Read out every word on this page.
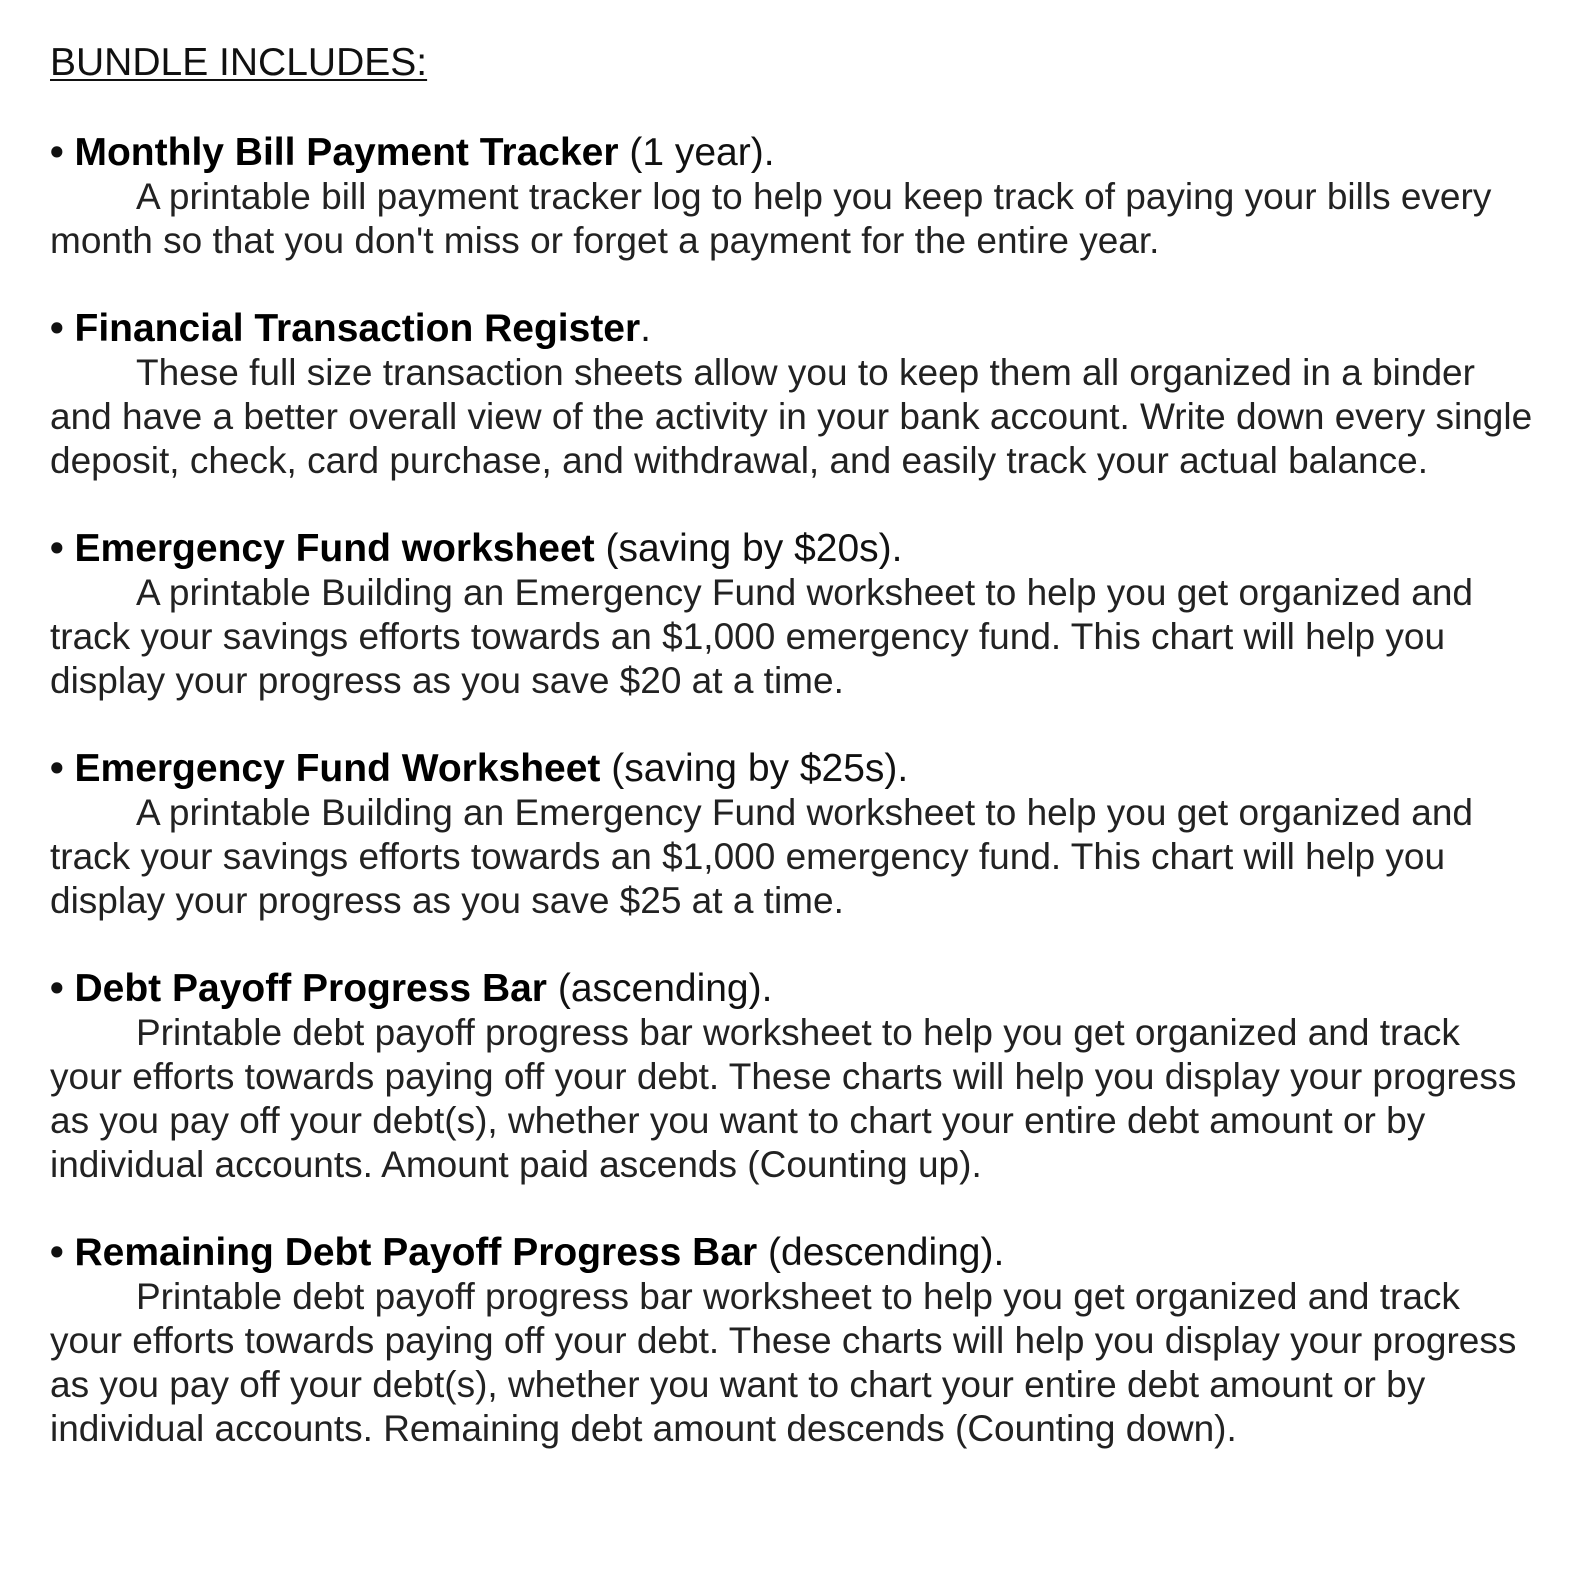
BUNDLE INCLUDES:
• Monthly Bill Payment Tracker (1 year).
A printable bill payment tracker log to help you keep track of paying your bills every month so that you don't miss or forget a payment for the entire year.
• Financial Transaction Register.
These full size transaction sheets allow you to keep them all organized in a binder and have a better overall view of the activity in your bank account. Write down every single deposit, check, card purchase, and withdrawal, and easily track your actual balance.
• Emergency Fund worksheet (saving by $20s).
A printable Building an Emergency Fund worksheet to help you get organized and track your savings efforts towards an $1,000 emergency fund. This chart will help you display your progress as you save $20 at a time.
• Emergency Fund Worksheet (saving by $25s).
A printable Building an Emergency Fund worksheet to help you get organized and track your savings efforts towards an $1,000 emergency fund. This chart will help you display your progress as you save $25 at a time.
• Debt Payoff Progress Bar (ascending).
Printable debt payoff progress bar worksheet to help you get organized and track your efforts towards paying off your debt. These charts will help you display your progress as you pay off your debt(s), whether you want to chart your entire debt amount or by individual accounts. Amount paid ascends (Counting up).
• Remaining Debt Payoff Progress Bar (descending).
Printable debt payoff progress bar worksheet to help you get organized and track your efforts towards paying off your debt. These charts will help you display your progress as you pay off your debt(s), whether you want to chart your entire debt amount or by individual accounts. Remaining debt amount descends (Counting down).
